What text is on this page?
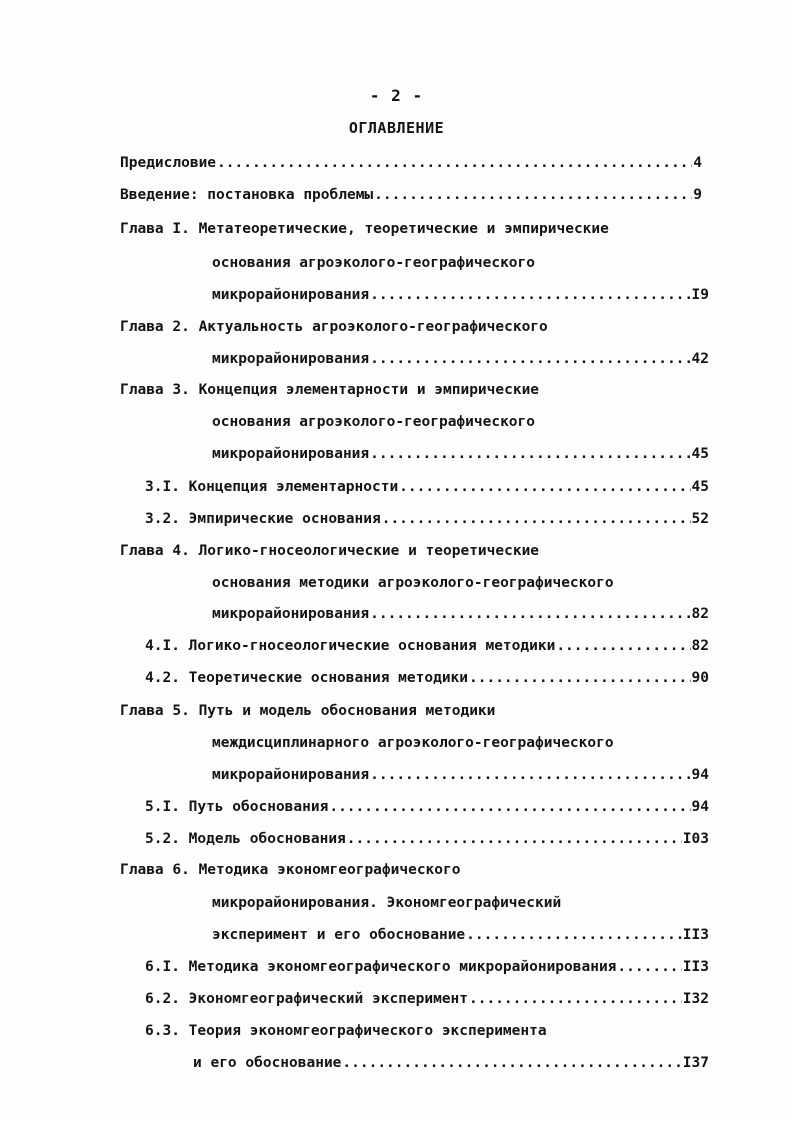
- 2 -
ОГЛАВЛЕНИЕ
Предисловие .....	4
Введение: постановка проблемы .....	9
Глава I. Метатеоретические, теоретические и эмпирические
основания агроэколого-географического
микрорайонирования .....	I9
Глава 2. Актуальность агроэколого-географического
микрорайонирования .....	42
Глава 3. Концепция элементарности и эмпирические
основания агроэколого-географического
микрорайонирования .....	45
3.I. Концепция элементарности .....	45
3.2. Эмпирические основания .....	52
Глава 4. Логико-гносеологические и теоретические
основания методики агроэколого-географического
микрорайонирования .....	82
4.I. Логико-гносеологические основания методики .....	82
4.2. Теоретические основания методики .....	90
Глава 5. Путь и модель обоснования методики
междисциплинарного агроэколого-географического
микрорайонирования .....	94
5.I. Путь обоснования .....	94
5.2. Модель обоснования .....	I03
Глава 6. Методика экономгеографического
микрорайонирования. Экономгеографический
эксперимент и его обоснование .....	II3
6.I. Методика экономгеографического микрорайонирования .....	II3
6.2. Экономгеографический эксперимент .....	I32
6.3. Теория экономгеографического эксперимента
и его обоснование .....	I37
